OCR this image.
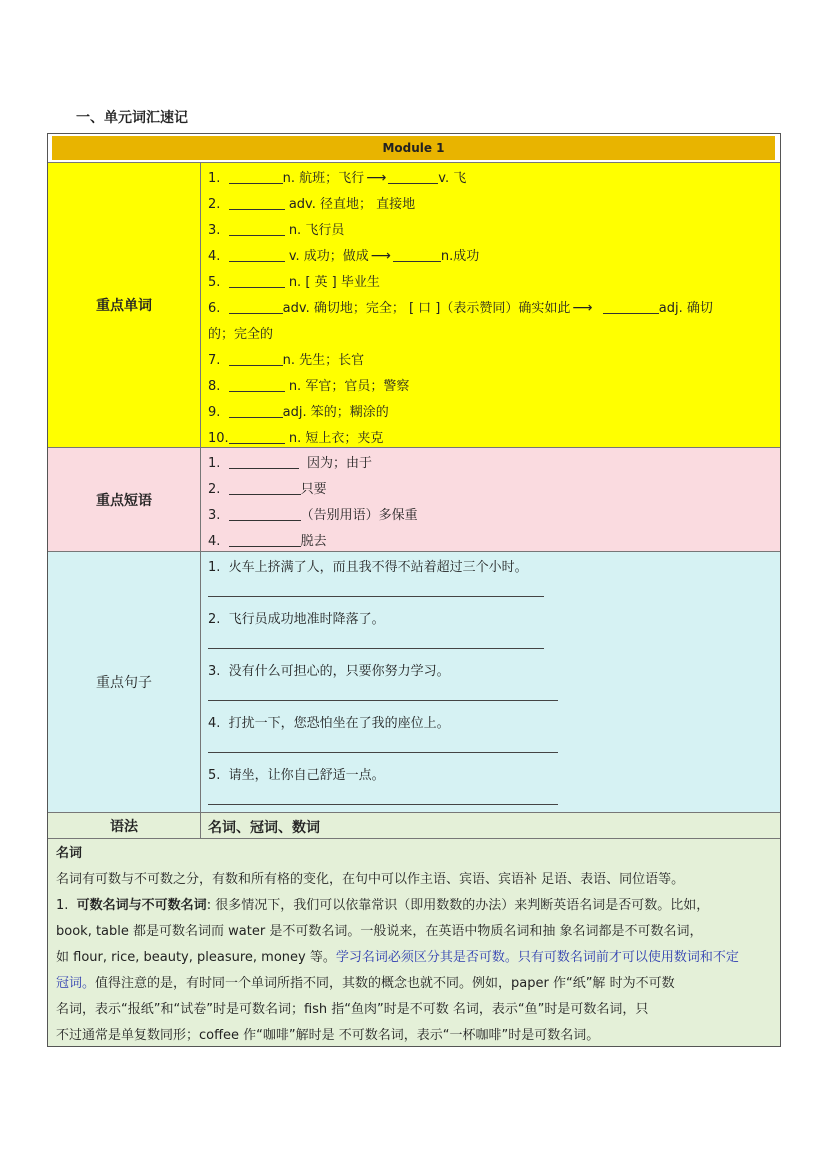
一、单元词汇速记
Module 1
重点单词
1.	n. 航班；飞行 ⟶	v. 飞
2.	adv. 径直地； 直接地
3.	n. 飞行员
4.	v. 成功；做成 ⟶	n.成功
5.	n. [ 英 ] 毕业生
6.	adv. 确切地；完全； [ 口 ]（表示赞同）确实如此 ⟶	adj. 确切
的；完全的
7.	n. 先生；长官
8.	n. 军官；官员；警察
9.	adj. 笨的；糊涂的
10.	n. 短上衣；夹克
重点短语
1.	因为；由于
2.	只要
3.	（告别用语）多保重
4.	脱去
重点句子
1. 火车上挤满了人，而且我不得不站着超过三个小时。
2. 飞行员成功地准时降落了。
3. 没有什么可担心的，只要你努力学习。
4. 打扰一下，您恐怕坐在了我的座位上。
5. 请坐，让你自己舒适一点。
语法	名词、冠词、数词

名词

名词有可数与不可数之分，有数和所有格的变化，在句中可以作主语、宾语、宾语补 足语、表语、同位语等。

1. 可数名词与不可数名词: 很多情况下，我们可以依靠常识（即用数数的办法）来判断英语名词是否可数。比如，

book, table 都是可数名词而 water 是不可数名词。一般说来，在英语中物质名词和抽 象名词都是不可数名词，

如 flour, rice, beauty, pleasure, money 等。学习名词必须区分其是否可数。只有可数名词前才可以使用数词和不定

冠词。值得注意的是，有时同一个单词所指不同，其数的概念也就不同。例如，paper 作“纸”解 时为不可数

名词，表示“报纸”和“试卷”时是可数名词；fish 指“鱼肉”时是不可数 名词，表示“鱼”时是可数名词，只

不过通常是单复数同形；coffee 作“咖啡”解时是 不可数名词，表示“一杯咖啡”时是可数名词。
